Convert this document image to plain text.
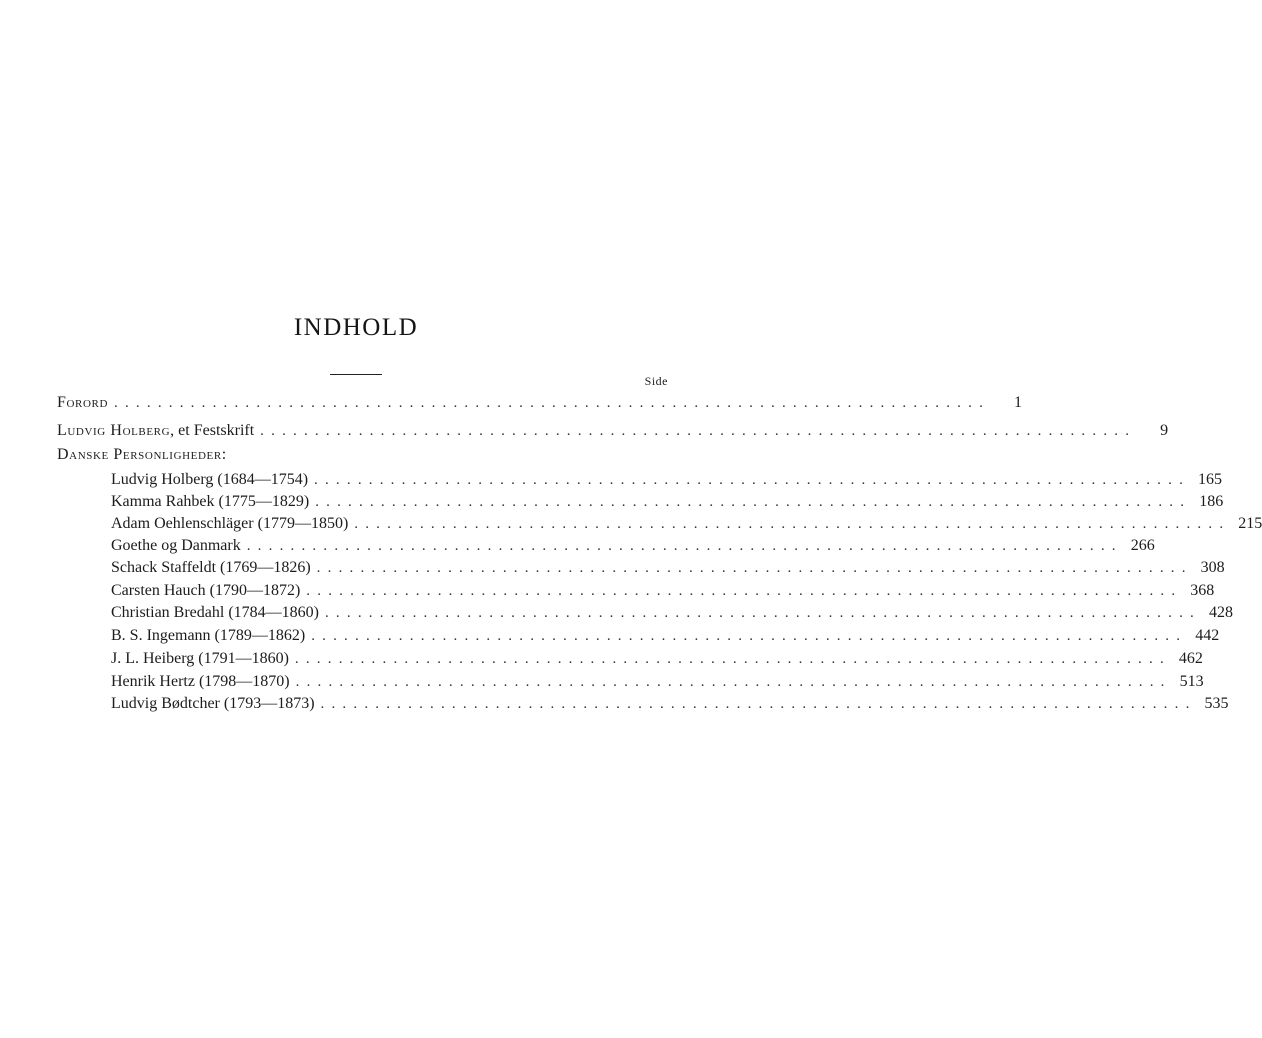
INDHOLD
Side
Forord ................................................................................	1
Ludvig Holberg, et Festskrift ................................................................................	9
Danske Personligheder:
Ludvig Holberg (1684—1754) ................................................................................ 165
Kamma Rahbek (1775—1829) ................................................................................ 186
Adam Oehlenschläger (1779—1850) ................................................................................ 215
Goethe og Danmark ................................................................................ 266
Schack Staffeldt (1769—1826) ................................................................................ 308
Carsten Hauch (1790—1872) ................................................................................ 368
Christian Bredahl (1784—1860) ................................................................................ 428
B. S. Ingemann (1789—1862) ................................................................................ 442
J. L. Heiberg (1791—1860) ................................................................................ 462
Henrik Hertz (1798—1870) ................................................................................ 513
Ludvig Bødtcher (1793—1873) ................................................................................ 535
